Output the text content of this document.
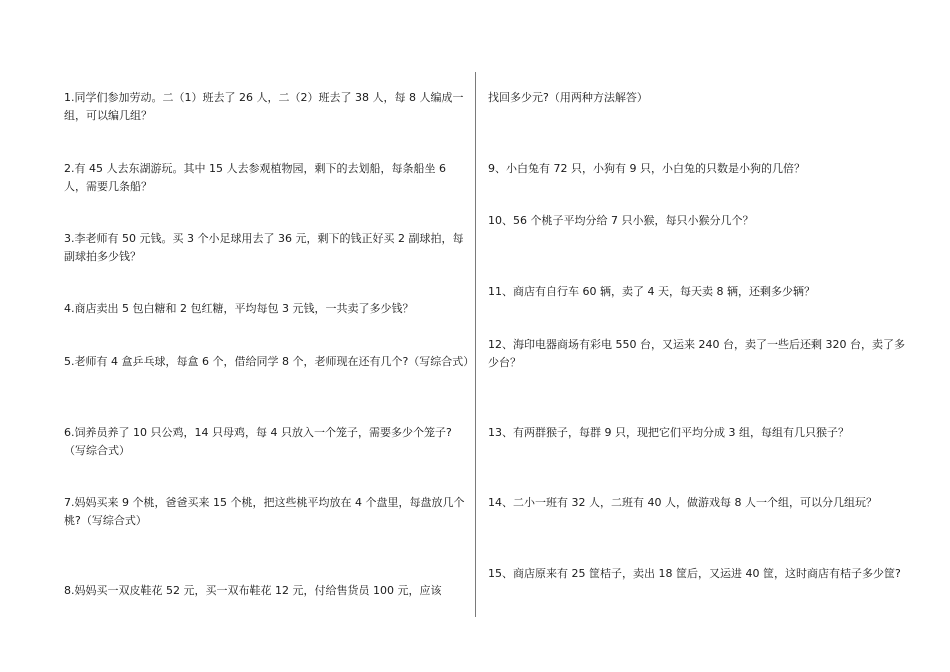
1.同学们参加劳动。二（1）班去了 26 人，二（2）班去了 38 人，每 8 人编成一组，可以编几组？
2.有 45 人去东湖游玩。其中 15 人去参观植物园，剩下的去划船，每条船坐 6 人，需要几条船？
3.李老师有 50 元钱。买 3 个小足球用去了 36 元，剩下的钱正好买 2 副球拍，每副球拍多少钱？
4.商店卖出 5 包白糖和 2 包红糖，平均每包 3 元钱，一共卖了多少钱？
5.老师有 4 盒乒乓球，每盒 6 个，借给同学 8 个，老师现在还有几个?（写综合式）
6.饲养员养了 10 只公鸡，14 只母鸡，每 4 只放入一个笼子，需要多少个笼子?（写综合式）
7.妈妈买来 9 个桃，爸爸买来 15 个桃，把这些桃平均放在 4 个盘里，每盘放几个桃?（写综合式）
8.妈妈买一双皮鞋花 52 元，买一双布鞋花 12 元，付给售货员 100 元，应该
找回多少元?（用两种方法解答）
9、小白兔有 72 只，小狗有 9 只，小白兔的只数是小狗的几倍？
10、56 个桃子平均分给 7 只小猴，每只小猴分几个？
11、商店有自行车 60 辆，卖了 4 天，每天卖 8 辆，还剩多少辆？
12、海印电器商场有彩电 550 台，又运来 240 台，卖了一些后还剩 320 台，卖了多少台？
13、有两群猴子，每群 9 只，现把它们平均分成 3 组，每组有几只猴子？
14、二小一班有 32 人，二班有 40 人，做游戏每 8 人一个组，可以分几组玩？
15、商店原来有 25 筐桔子，卖出 18 筐后，又运进 40 筐，这时商店有桔子多少筐?
